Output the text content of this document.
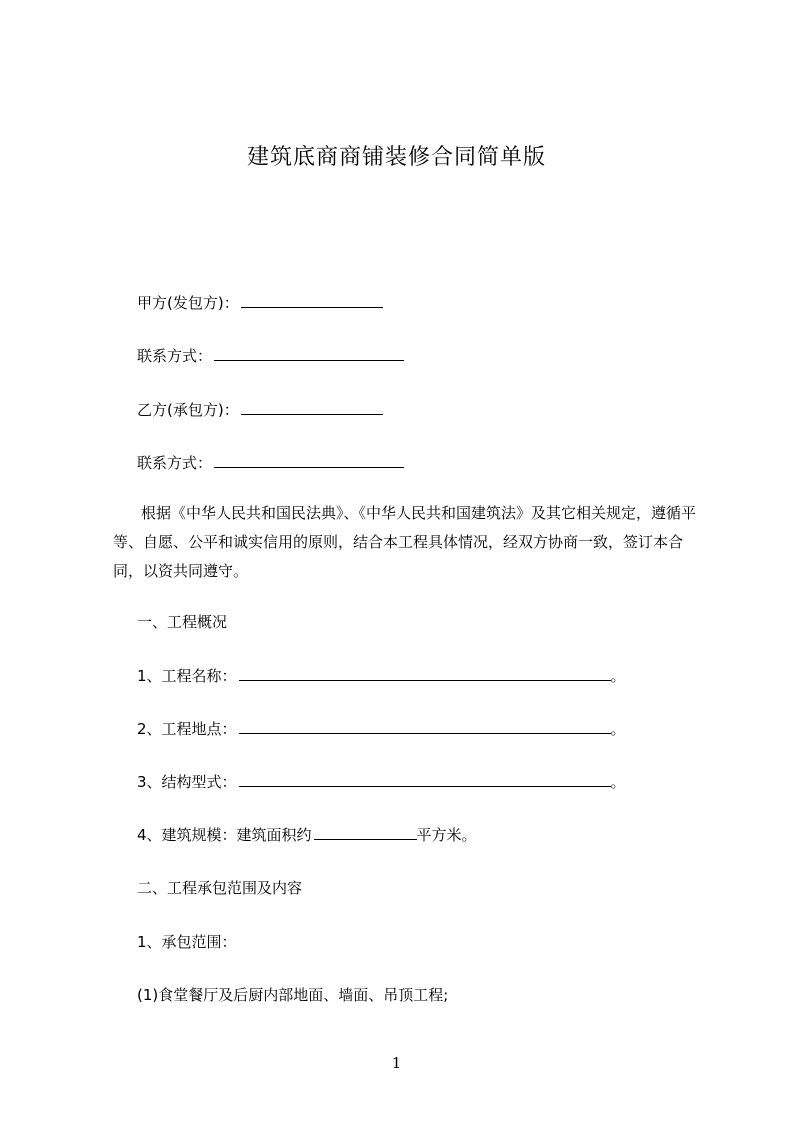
建筑底商商铺装修合同简单版
甲方(发包方)：
联系方式：
乙方(承包方)：
联系方式：
根据《中华人民共和国民法典》、《中华人民共和国建筑法》及其它相关规定，遵循平等、自愿、公平和诚实信用的原则，结合本工程具体情况，经双方协商一致，签订本合同，以资共同遵守。
一、工程概况
1、工程名称：	。
2、工程地点：	。
3、结构型式：	。
4、建筑规模：建筑面积约	平方米。
二、工程承包范围及内容
1、承包范围：
(1)食堂餐厅及后厨内部地面、墙面、吊顶工程;
1
